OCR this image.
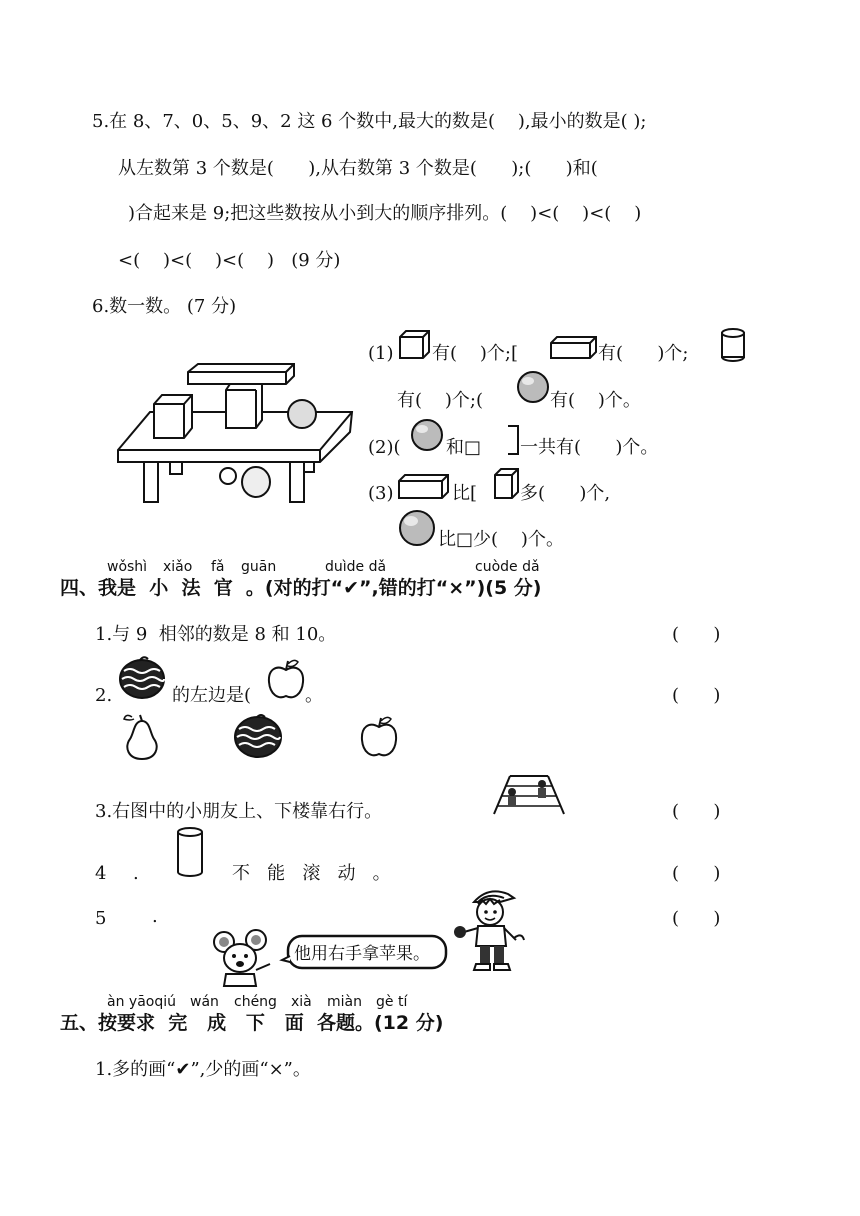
5.在 8、7、0、5、9、2 这 6 个数中,最大的数是(    ),最小的数是( );
从左数第 3 个数是(      ),从右数第 3 个数是(      );(      )和(
)合起来是 9;把这些数按从小到大的顺序排列。(    )<(    )<(    )
<(    )<(    )<(    )   (9 分)
6.数一数。 (7 分)
(1) 有(    )个;[	有(      )个;
有(    )个;(	有(    )个。
(2)(	和□ 一共有(      )个。
(3)	比[ 多(      )个,
比□少(    )个。
wǒshì xiǎo fǎ guān	duìde dǎ	cuòde dǎ
四、我是  小  法  官  。(对的打“✔”,错的打“×”)(5 分)
1.与 9  相邻的数是 8 和 10。	(      )
2.	的左边是(	。	(      )
3.右图中的小朋友上、下楼靠右行。	(      )
4 .	不   能   滚   动   。	(      )
5	.
他用右手拿苹果。
(      )
àn yāoqiú wán chéng xià miàn gè tí
五、按要求  完   成   下   面  各题。(12 分)
1.多的画“✔”,少的画“×”。
